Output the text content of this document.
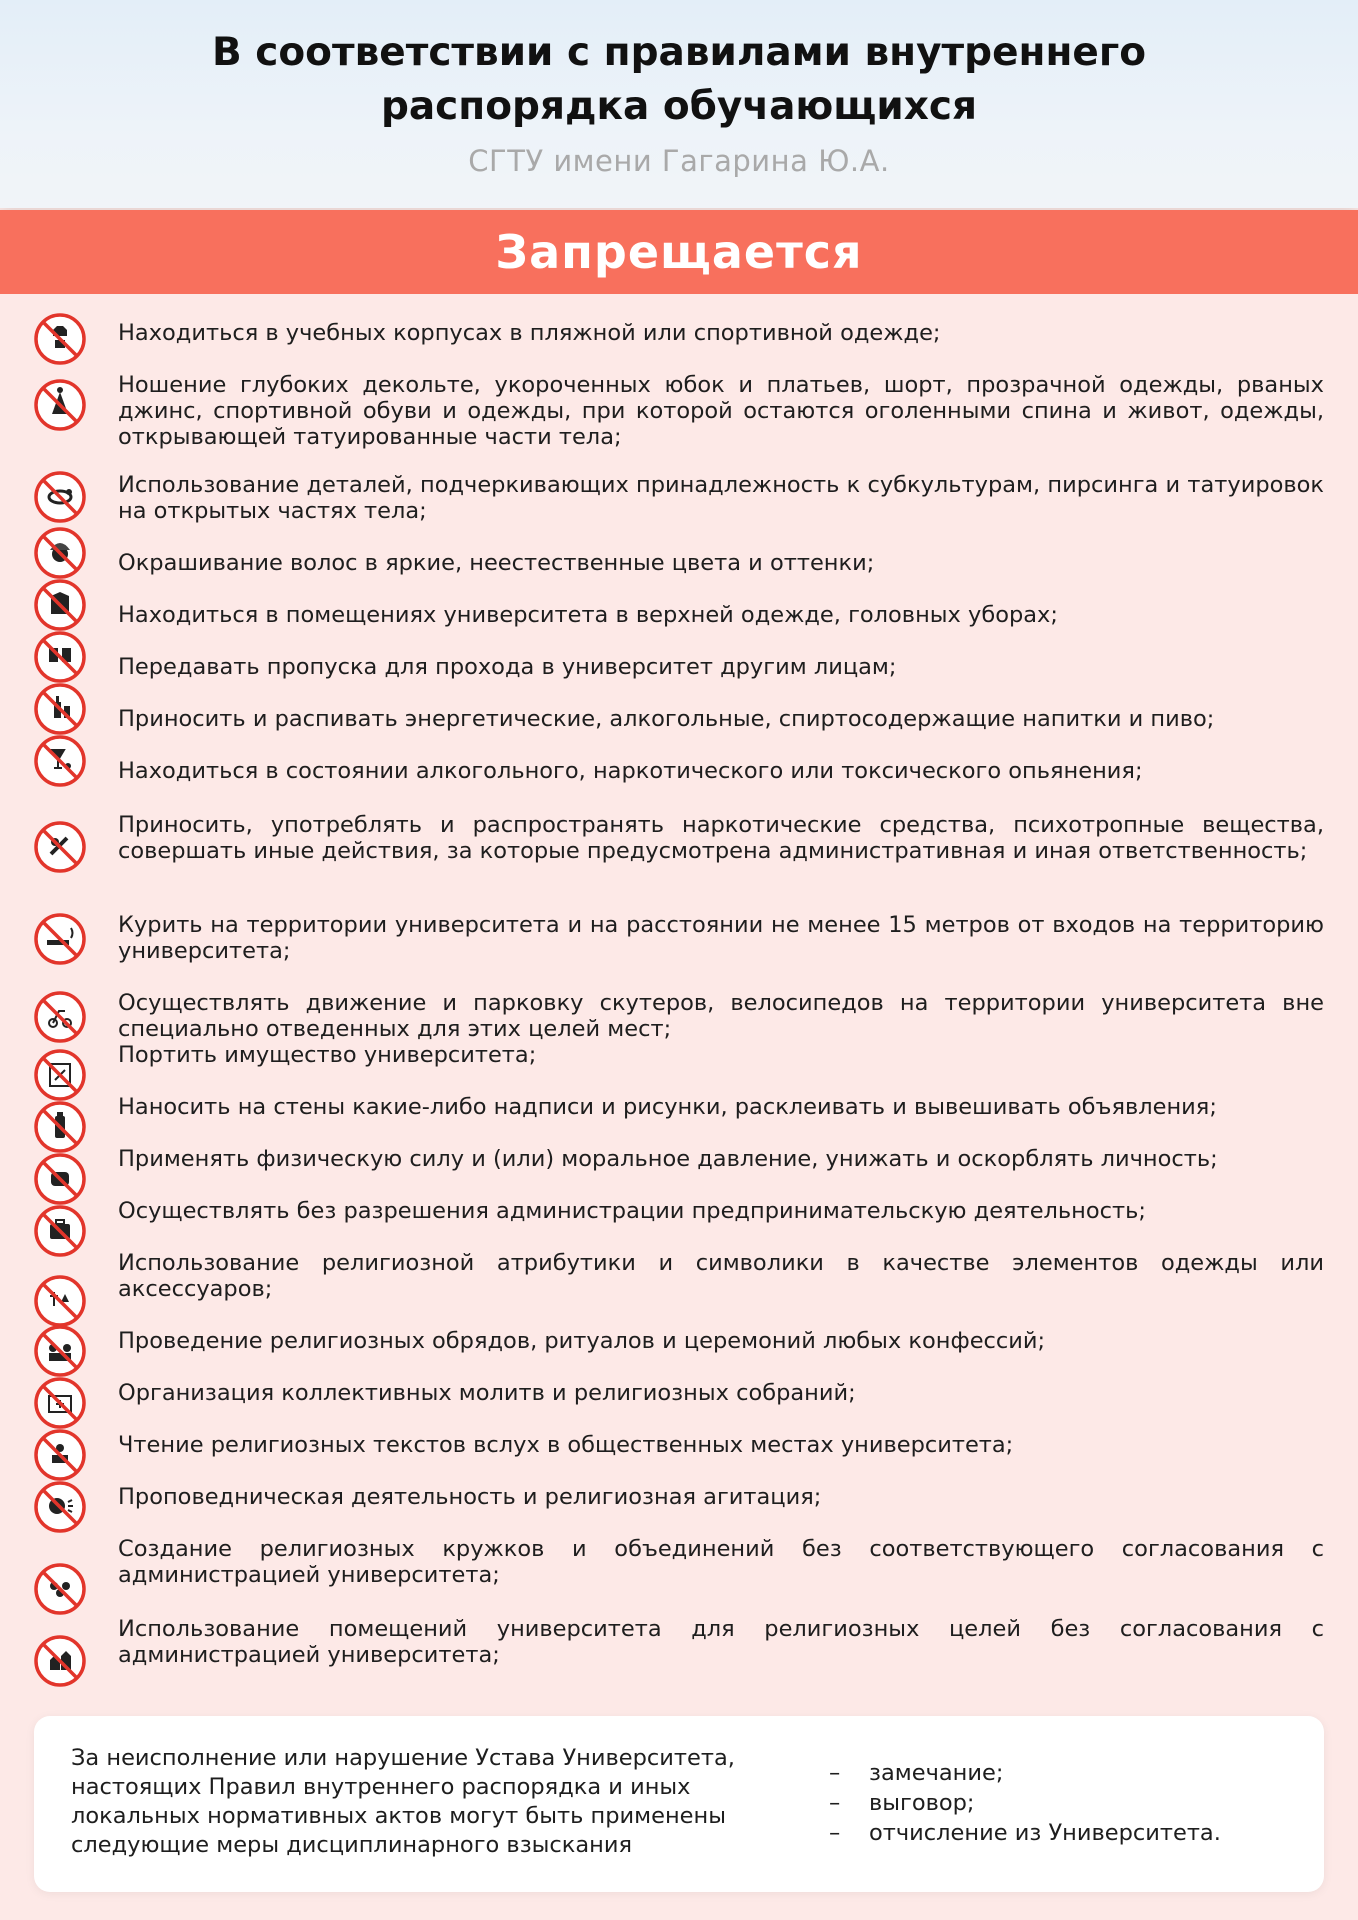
В соответствии с правилами внутреннего
распорядка обучающихся
СГТУ имени Гагарина Ю.А.
Запрещается
Находиться в учебных корпусах в пляжной или спортивной одежде;
Ношение глубоких декольте, укороченных юбок и платьев, шорт, прозрачной одежды, рваных джинс, спортивной обуви и одежды, при которой остаются оголенными спина и живот, одежды, открывающей татуированные части тела;
Использование деталей, подчеркивающих принадлежность к субкультурам, пирсинга и татуировок на открытых частях тела;
Окрашивание волос в яркие, неестественные цвета и оттенки;
Находиться в помещениях университета в верхней одежде, головных уборах;
Передавать пропуска для прохода в университет другим лицам;
Приносить и распивать энергетические, алкогольные, спиртосодержащие напитки и пиво;
Находиться в состоянии алкогольного, наркотического или токсического опьянения;
Приносить, употреблять и распространять наркотические средства, психотропные вещества, совершать иные действия, за которые предусмотрена административная и иная ответственность;
Курить на территории университета и на расстоянии не менее 15 метров от входов на территорию университета;
Осуществлять движение и парковку скутеров, велосипедов на территории университета вне специально отведенных для этих целей мест;
Портить имущество университета;
Наносить на стены какие-либо надписи и рисунки, расклеивать и вывешивать объявления;
Применять физическую силу и (или) моральное давление, унижать и оскорблять личность;
Осуществлять без разрешения администрации предпринимательскую деятельность;
Использование религиозной атрибутики и символики в качестве элементов одежды или аксессуаров;
Проведение религиозных обрядов, ритуалов и церемоний любых конфессий;
Организация коллективных молитв и религиозных собраний;
Чтение религиозных текстов вслух в общественных местах университета;
Проповедническая деятельность и религиозная агитация;
Создание религиозных кружков и объединений без соответствующего согласования с администрацией университета;
Использование помещений университета для религиозных целей без согласования с администрацией университета;
За неисполнение или нарушение Устава Университета, настоящих Правил внутреннего распорядка и иных локальных нормативных актов могут быть применены следующие меры дисциплинарного взыскания
– замечание;
– выговор;
– отчисление из Университета.
